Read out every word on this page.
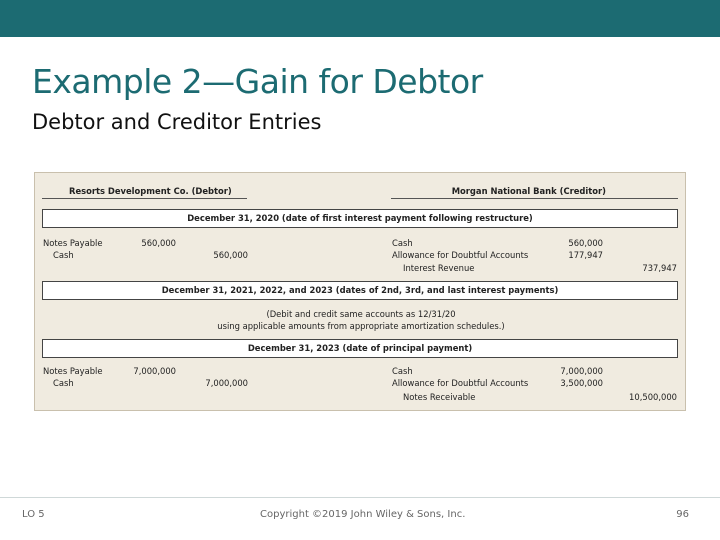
Example 2—Gain for Debtor
Debtor and Creditor Entries
Resorts Development Co. (Debtor)	Morgan National Bank (Creditor)
December 31, 2020 (date of first interest payment following restructure)
Notes Payable	560,000
Cash	560,000
Cash	560,000
Allowance for Doubtful Accounts	177,947
Interest Revenue	737,947
December 31, 2021, 2022, and 2023 (dates of 2nd, 3rd, and last interest payments)
(Debit and credit same accounts as 12/31/20
using applicable amounts from appropriate amortization schedules.)
December 31, 2023 (date of principal payment)
Notes Payable	7,000,000
Cash	7,000,000
Cash	7,000,000
Allowance for Doubtful Accounts	3,500,000
Notes Receivable	10,500,000
LO 5	Copyright ©2019 John Wiley & Sons, Inc.	96
